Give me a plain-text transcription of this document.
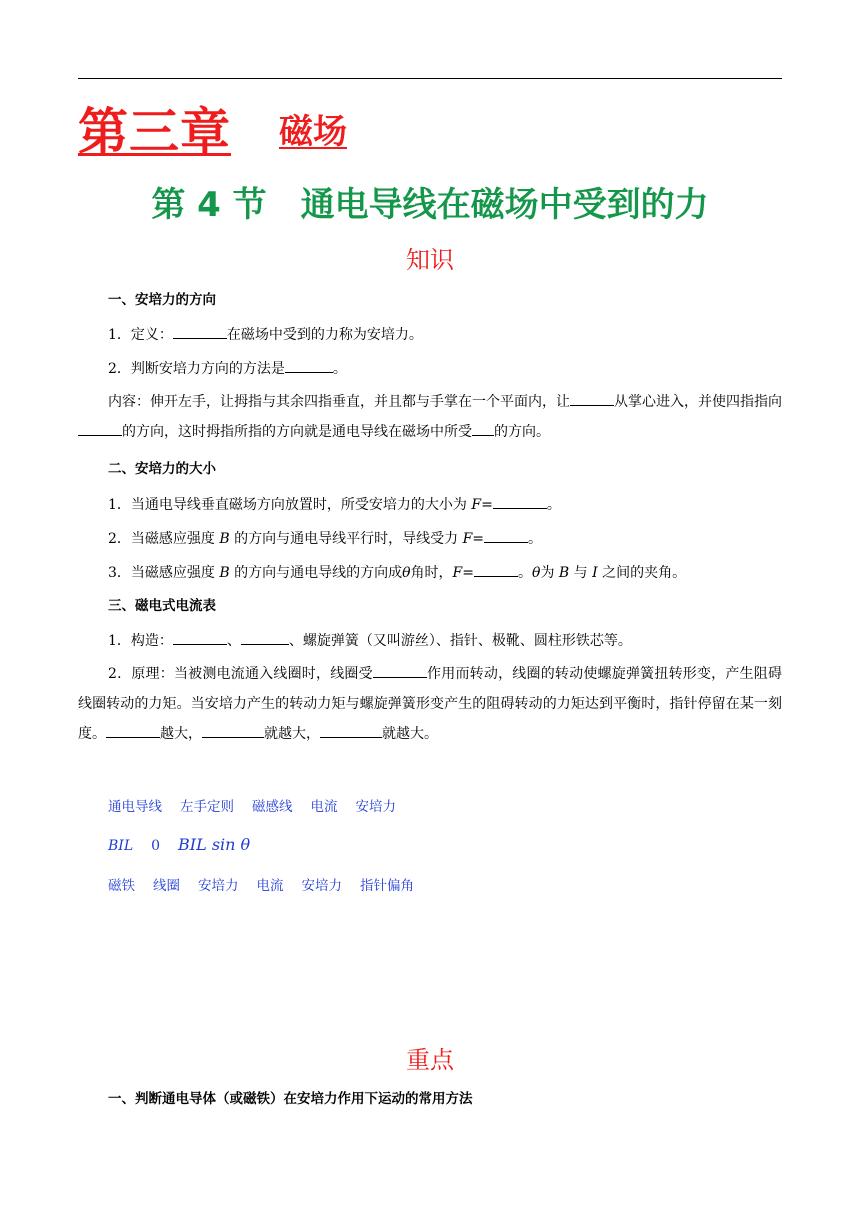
第三章 磁场
第 4 节　通电导线在磁场中受到的力
知识
一、安培力的方向
1．定义：	在磁场中受到的力称为安培力。
2．判断安培力方向的方法是	。
内容：伸开左手，让拇指与其余四指垂直，并且都与手掌在一个平面内，让	从掌心进入，并使四指指向的方向，这时拇指所指的方向就是通电导线在磁场中所受 的方向。
二、安培力的大小
1．当通电导线垂直磁场方向放置时，所受安培力的大小为 F=	。
2．当磁感应强度 B 的方向与通电导线平行时，导线受力 F=	。
3．当磁感应强度 B 的方向与通电导线的方向成θ角时，F=	。θ为 B 与 I 之间的夹角。
三、磁电式电流表
1．构造：	、	、螺旋弹簧（又叫游丝）、指针、极靴、圆柱形铁芯等。
2．原理：当被测电流通入线圈时，线圈受	作用而转动，线圈的转动使螺旋弹簧扭转形变，产生阻碍线圈转动的力矩。当安培力产生的转动力矩与螺旋弹簧形变产生的阻碍转动的力矩达到平衡时，指针停留在某一刻度。	越大，	就越大，	就越大。
通电导线 左手定则 磁感线 电流 安培力
BIL 0 BIL sin θ
磁铁 线圈 安培力 电流 安培力 指针偏角
重点
一、判断通电导体（或磁铁）在安培力作用下运动的常用方法
